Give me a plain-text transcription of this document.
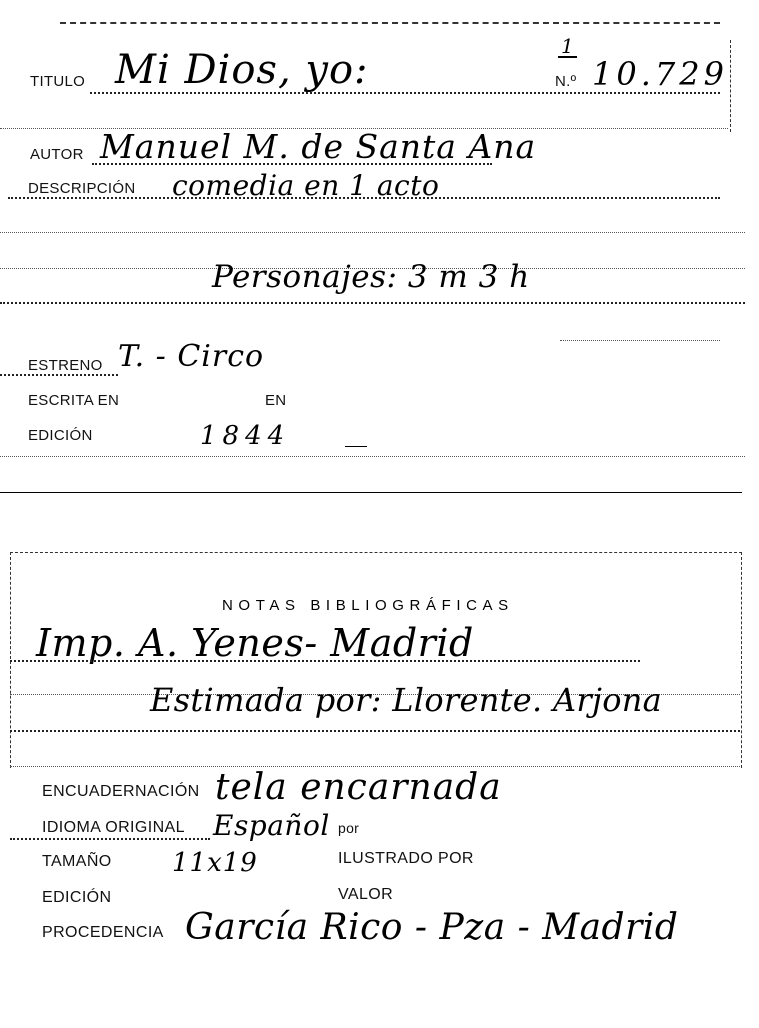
TITULO Mi Dios, yo:
1
N.º 10.729
AUTOR Manuel M. de Santa Ana
DESCRIPCIÓN comedia en 1 acto
Personajes: 3 m 3 h
ESTRENO T. - Circo
ESCRITA EN	EN
EDICIÓN	1844
NOTAS BIBLIOGRÁFICAS
Imp. A. Yenes- Madrid
Estimada por: Llorente. Arjona
ENCUADERNACIÓN tela encarnada
IDIOMA ORIGINAL Español por
TAMAÑO 11x19	ILUSTRADO POR
EDICIÓN	VALOR
PROCEDENCIA García Rico - Pza - Madrid
